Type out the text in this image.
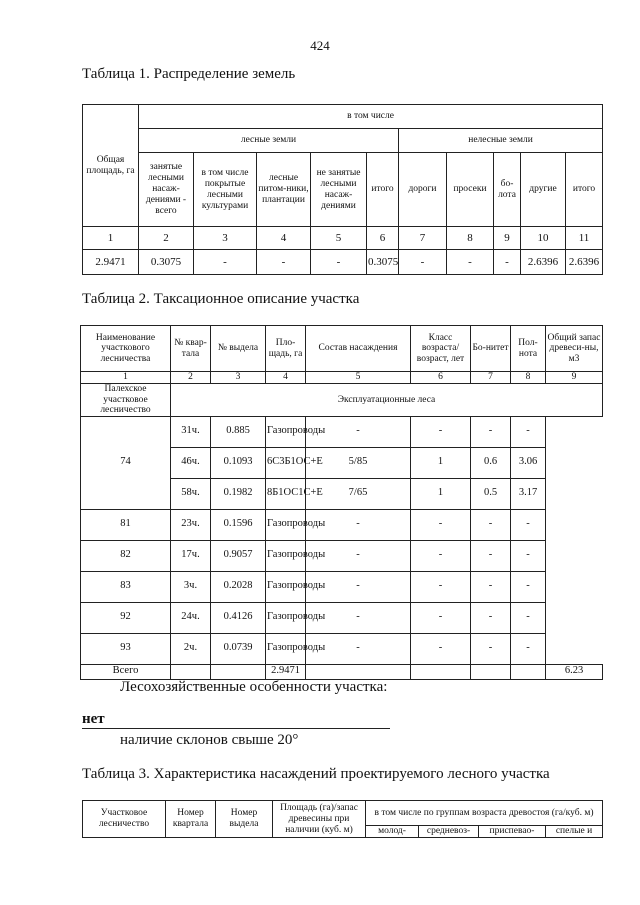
424
Таблица 1. Распределение земель
Общая площадь, га	в том числе									
	лесные земли					нелесные земли				
	занятые лесными насаж-дениями - всего	в том числе покрытые лесными культурами	лесные питом-ники, плантации	не занятые лесными насаж-дениями	итого	дороги	просеки	бо-лота	другие	итого
1	2	3	4	5	6	7	8	9	10	11
2.9471	0.3075	-	-	-	0.3075	-	-	-	2.6396	2.6396
Таблица 2. Таксационное описание участка
Наименование участкового лесничества	№ квар-тала	№ выдела	Пло-щадь, га	Состав насаждения	Класс возраста/ возраст, лет	Бо-нитет	Пол-нота	Общий запас древеси-ны, м3
1	2	3	4	5	6	7	8	9
Палехское участковое лесничество	Эксплуатационные леса							
74	31ч.	0.885	Газопроводы	-	-	-	-	
	46ч.	0.1093	6С3Б1ОС+Е	5/85	1	0.6	3.06	
	58ч.	0.1982	8Б1ОС1С+Е	7/65	1	0.5	3.17	
81	23ч.	0.1596	Газопроводы	-	-	-	-	
82	17ч.	0.9057	Газопроводы	-	-	-	-	
83	3ч.	0.2028	Газопроводы	-	-	-	-	
92	24ч.	0.4126	Газопроводы	-	-	-	-	
93	2ч.	0.0739	Газопроводы	-	-	-	-	
Всего			2.9471					6.23
Лесохозяйственные особенности участка:
нет
наличие склонов свыше 20°
Таблица 3. Характеристика насаждений проектируемого лесного участка
Участковое лесничество	Номер квартала	Номер выдела	Площадь (га)/запас древесины при наличии (куб. м)	в том числе по группам возраста древостоя (га/куб. м)			
				молод-	средневоз-	приспевао-	спелые и
